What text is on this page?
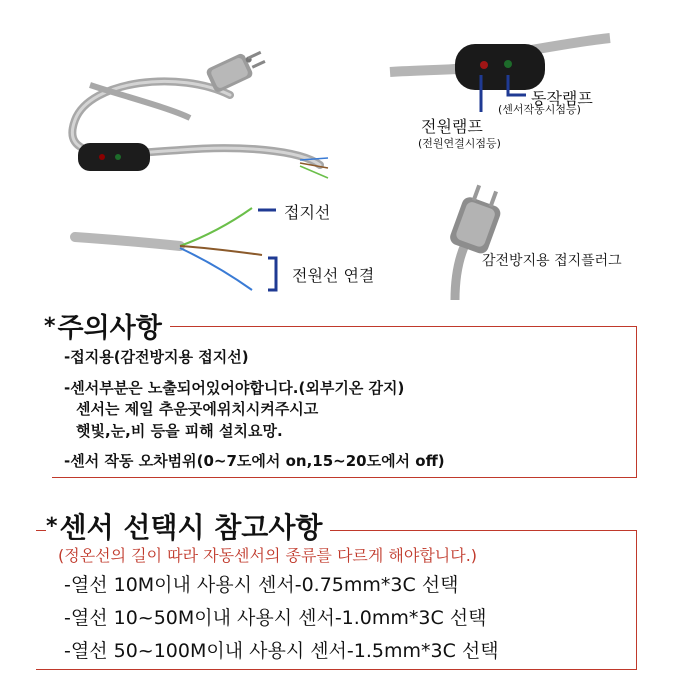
(센서작동시점등)
동작램프
전원램프
(전원연결시점등)
접지선
전원선 연결
감전방지용 접지플러그
*주의사항
-접지용(감전방지용 접지선)
-센서부분은 노출되어있어야합니다.(외부기온 감지)
센서는 제일 추운곳에위치시켜주시고
햇빛,눈,비 등을 피해 설치요망.
-센서 작동 오차범위(0~7도에서 on,15~20도에서 off)
*센서 선택시 참고사항
(정온선의 길이 따라 자동센서의 종류를 다르게 해야합니다.)
-열선 10M이내 사용시 센서-0.75mm*3C 선택
-열선 10~50M이내 사용시 센서-1.0mm*3C 선택
-열선 50~100M이내 사용시 센서-1.5mm*3C 선택
